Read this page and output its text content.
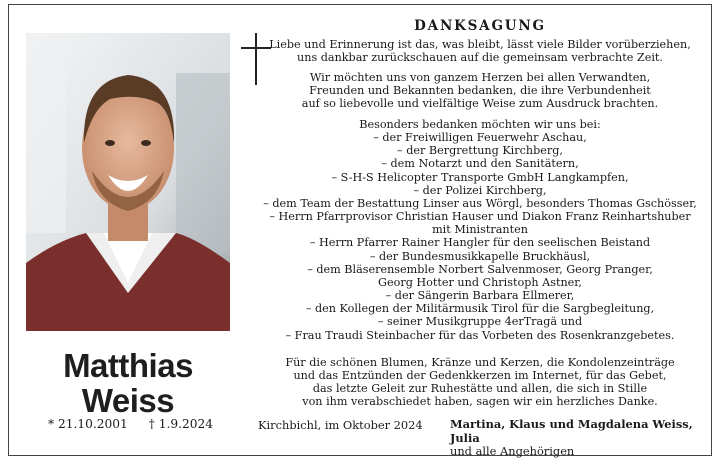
Matthias
Weiss
* 21.10.2001 † 1.9.2024
DANKSAGUNG
Liebe und Erinnerung ist das, was bleibt, lässt viele Bilder vorüberziehen,
uns dankbar zurückschauen auf die gemeinsam verbrachte Zeit.
Wir möchten uns von ganzem Herzen bei allen Verwandten,
Freunden und Bekannten bedanken, die ihre Verbundenheit
auf so liebevolle und vielfältige Weise zum Ausdruck brachten.
Besonders bedanken möchten wir uns bei:
– der Freiwilligen Feuerwehr Aschau,
– der Bergrettung Kirchberg,
– dem Notarzt und den Sanitätern,
– S-H-S Helicopter Transporte GmbH Langkampfen,
– der Polizei Kirchberg,
– dem Team der Bestattung Linser aus Wörgl, besonders Thomas Gschösser,
– Herrn Pfarrprovisor Christian Hauser und Diakon Franz Reinhartshuber
mit Ministranten
– Herrn Pfarrer Rainer Hangler für den seelischen Beistand
– der Bundesmusikkapelle Bruckhäusl,
– dem Bläserensemble Norbert Salvenmoser, Georg Pranger,
Georg Hotter und Christoph Astner,
– der Sängerin Barbara Ellmerer,
– den Kollegen der Militärmusik Tirol für die Sargbegleitung,
– seiner Musikgruppe 4erTragä und
– Frau Traudi Steinbacher für das Vorbeten des Rosenkranzgebetes.
Für die schönen Blumen, Kränze und Kerzen, die Kondolenzeinträge
und das Entzünden der Gedenkkerzen im Internet, für das Gebet,
das letzte Geleit zur Ruhestätte und allen, die sich in Stille
von ihm verabschiedet haben, sagen wir ein herzliches Danke.
Kirchbichl, im Oktober 2024 Martina, Klaus und Magdalena Weiss, Julia
und alle Angehörigen
